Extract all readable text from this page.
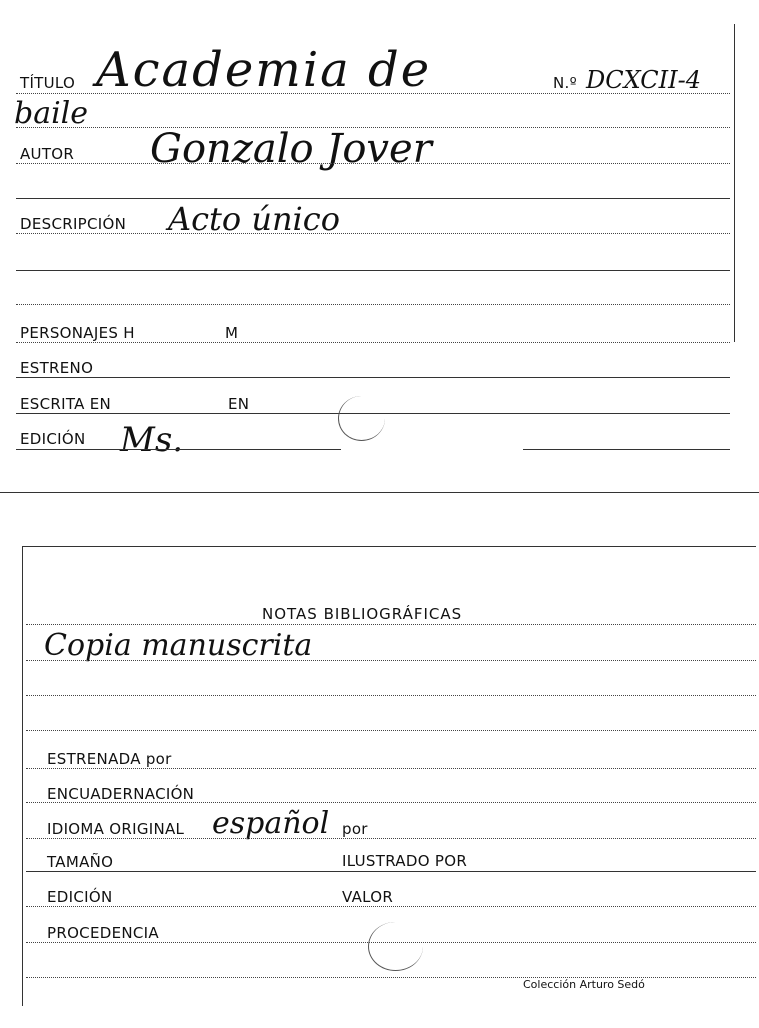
TÍTULO Academia de	N.º DCXCII-4
baile
AUTOR Gonzalo Jover
DESCRIPCIÓN Acto único
PERSONAJES H	M
ESTRENO
ESCRITA EN	EN
EDICIÓN Ms.
NOTAS BIBLIOGRÁFICAS
Copia manuscrita
ESTRENADA por
ENCUADERNACIÓN
IDIOMA ORIGINAL español por
TAMAÑO	ILUSTRADO POR
EDICIÓN	VALOR
PROCEDENCIA
Colección Arturo Sedó
